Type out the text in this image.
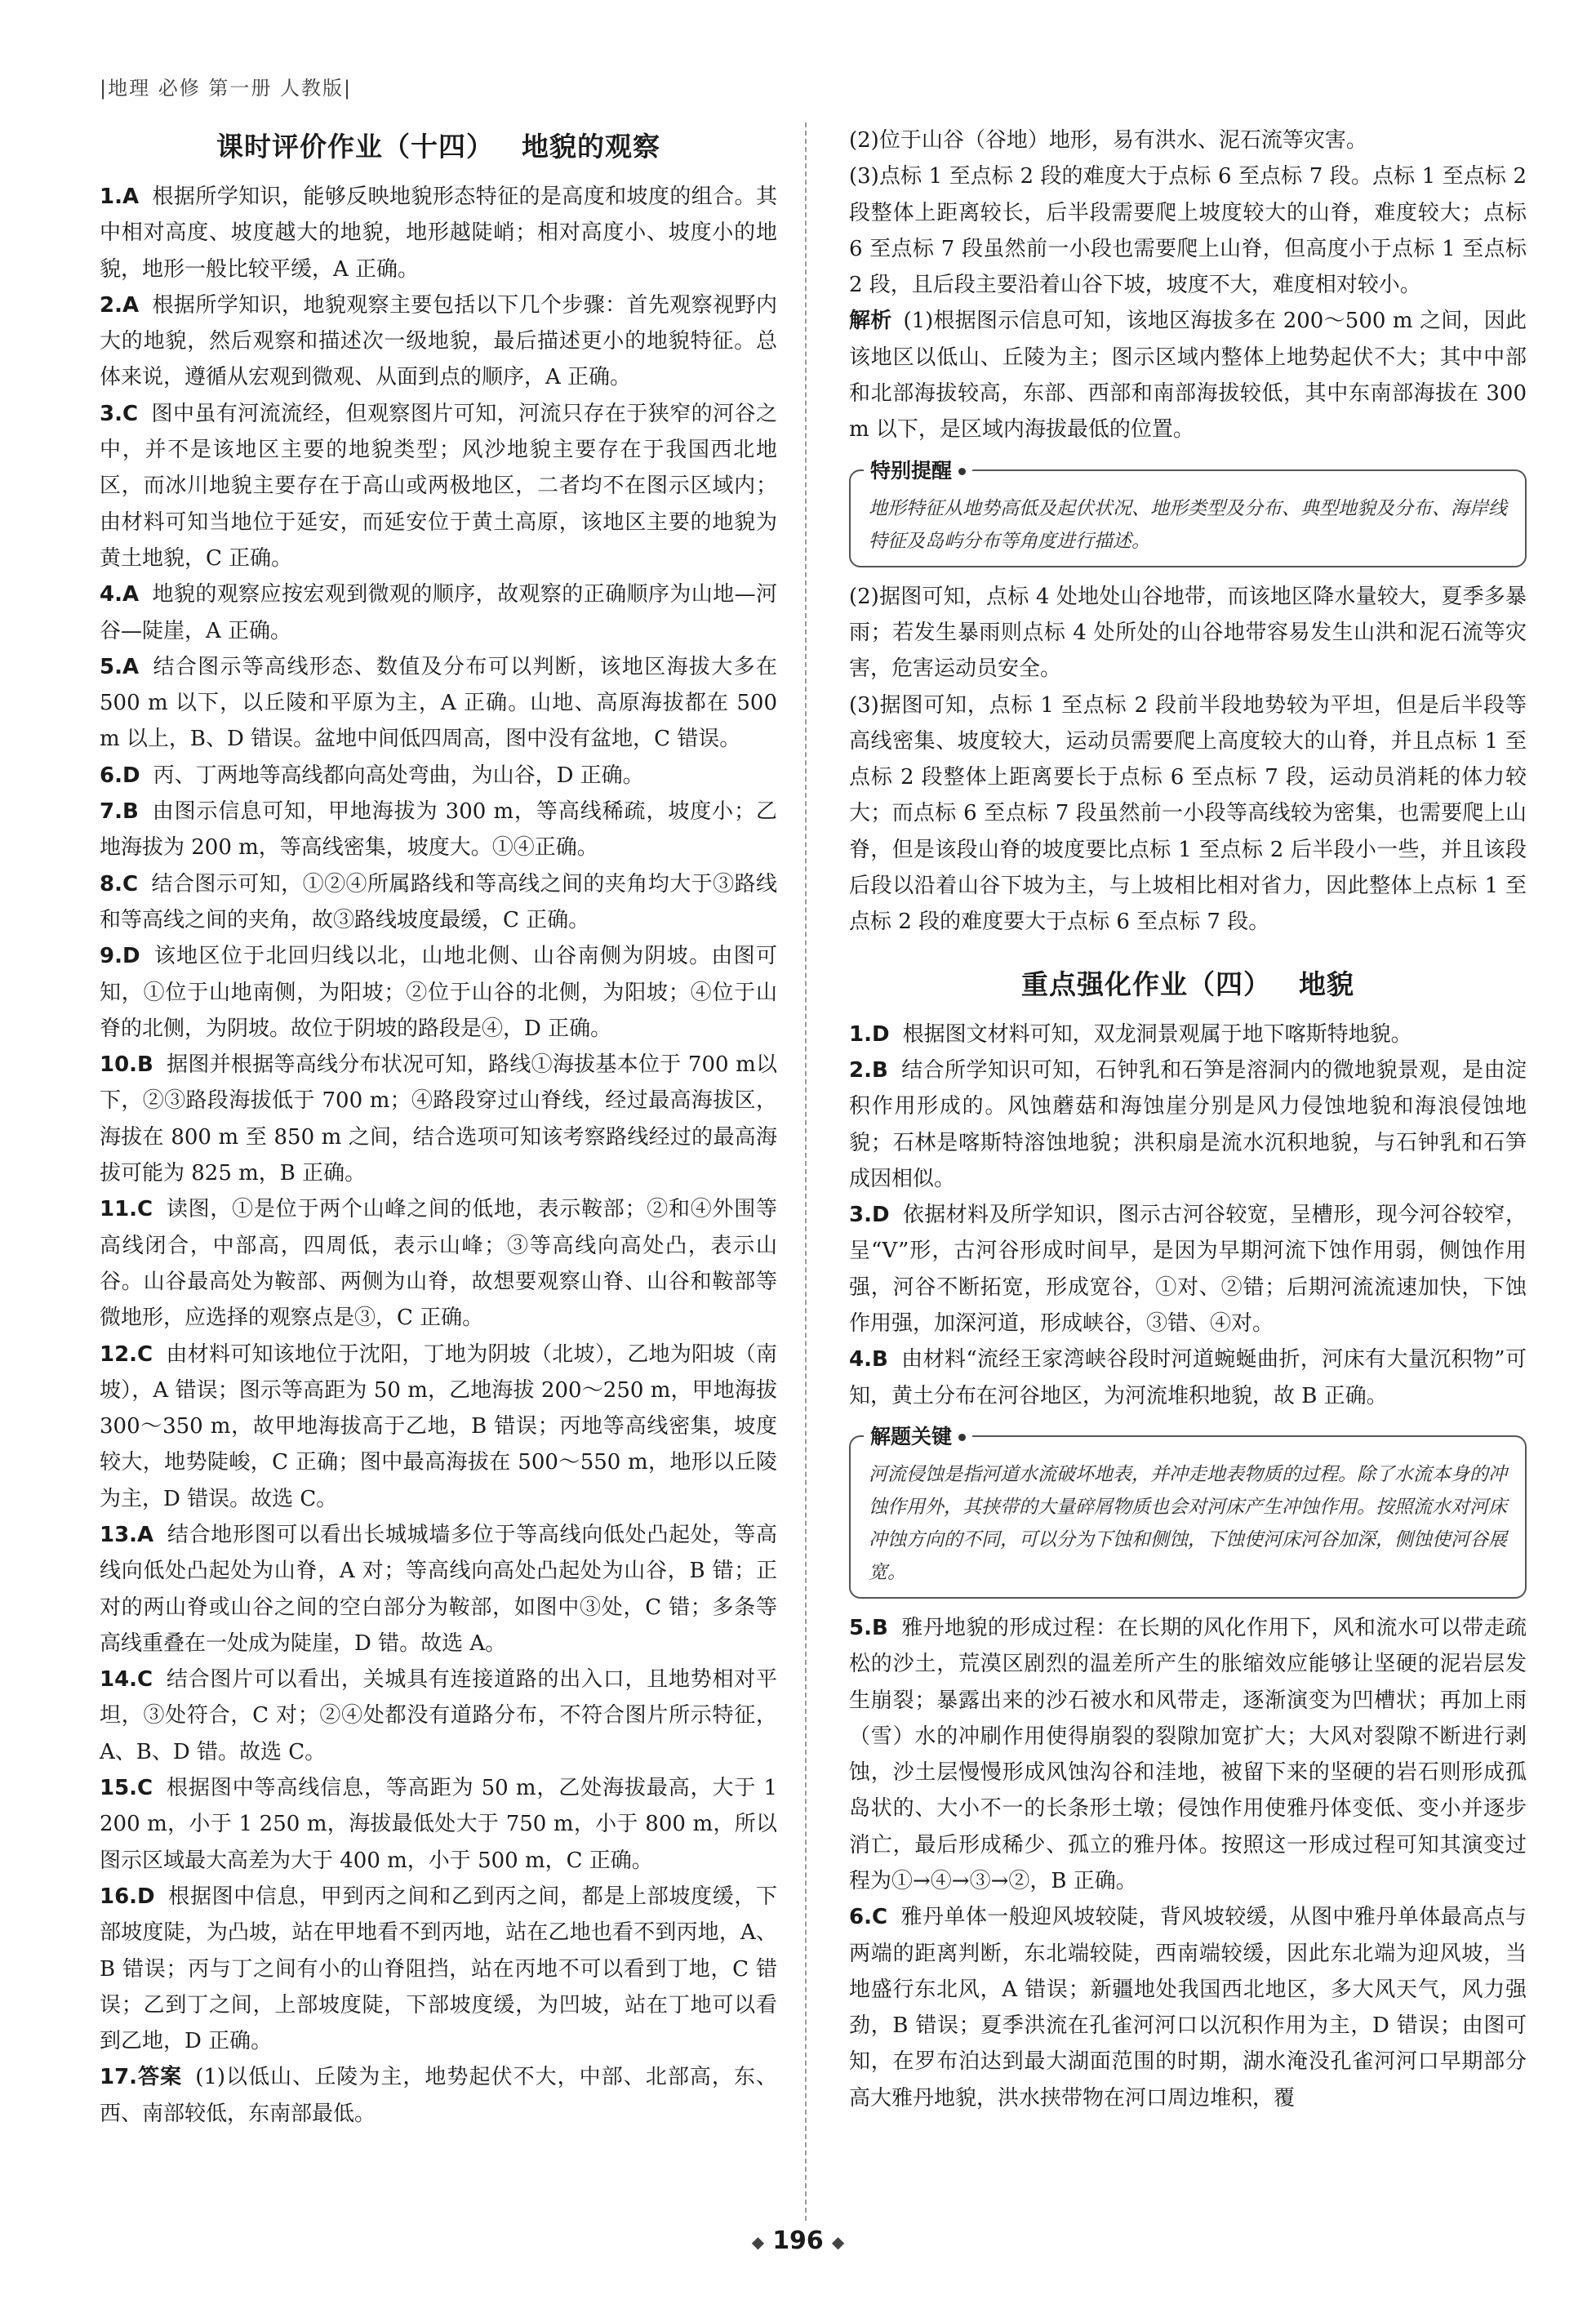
|地理 必修 第一册 人教版|
课时评价作业（十四） 地貌的观察
1.A 根据所学知识，能够反映地貌形态特征的是高度和坡度的组合。其中相对高度、坡度越大的地貌，地形越陡峭；相对高度小、坡度小的地貌，地形一般比较平缓，A 正确。
2.A 根据所学知识，地貌观察主要包括以下几个步骤：首先观察视野内大的地貌，然后观察和描述次一级地貌，最后描述更小的地貌特征。总体来说，遵循从宏观到微观、从面到点的顺序，A 正确。
3.C 图中虽有河流流经，但观察图片可知，河流只存在于狭窄的河谷之中，并不是该地区主要的地貌类型；风沙地貌主要存在于我国西北地区，而冰川地貌主要存在于高山或两极地区，二者均不在图示区域内；由材料可知当地位于延安，而延安位于黄土高原，该地区主要的地貌为黄土地貌，C 正确。
4.A 地貌的观察应按宏观到微观的顺序，故观察的正确顺序为山地—河谷—陡崖，A 正确。
5.A 结合图示等高线形态、数值及分布可以判断，该地区海拔大多在 500 m 以下，以丘陵和平原为主，A 正确。山地、高原海拔都在 500 m 以上，B、D 错误。盆地中间低四周高，图中没有盆地，C 错误。
6.D 丙、丁两地等高线都向高处弯曲，为山谷，D 正确。
7.B 由图示信息可知，甲地海拔为 300 m，等高线稀疏，坡度小；乙地海拔为 200 m，等高线密集，坡度大。①④正确。
8.C 结合图示可知，①②④所属路线和等高线之间的夹角均大于③路线和等高线之间的夹角，故③路线坡度最缓，C 正确。
9.D 该地区位于北回归线以北，山地北侧、山谷南侧为阴坡。由图可知，①位于山地南侧，为阳坡；②位于山谷的北侧，为阳坡；④位于山脊的北侧，为阴坡。故位于阴坡的路段是④，D 正确。
10.B 据图并根据等高线分布状况可知，路线①海拔基本位于 700 m以下，②③路段海拔低于 700 m；④路段穿过山脊线，经过最高海拔区，海拔在 800 m 至 850 m 之间，结合选项可知该考察路线经过的最高海拔可能为 825 m，B 正确。
11.C 读图，①是位于两个山峰之间的低地，表示鞍部；②和④外围等高线闭合，中部高，四周低，表示山峰；③等高线向高处凸，表示山谷。山谷最高处为鞍部、两侧为山脊，故想要观察山脊、山谷和鞍部等微地形，应选择的观察点是③，C 正确。
12.C 由材料可知该地位于沈阳，丁地为阴坡（北坡），乙地为阳坡（南坡），A 错误；图示等高距为 50 m，乙地海拔 200～250 m，甲地海拔 300～350 m，故甲地海拔高于乙地，B 错误；丙地等高线密集，坡度较大，地势陡峻，C 正确；图中最高海拔在 500～550 m，地形以丘陵为主，D 错误。故选 C。
13.A 结合地形图可以看出长城城墙多位于等高线向低处凸起处，等高线向低处凸起处为山脊，A 对；等高线向高处凸起处为山谷，B 错；正对的两山脊或山谷之间的空白部分为鞍部，如图中③处，C 错；多条等高线重叠在一处成为陡崖，D 错。故选 A。
14.C 结合图片可以看出，关城具有连接道路的出入口，且地势相对平坦，③处符合，C 对；②④处都没有道路分布，不符合图片所示特征，A、B、D 错。故选 C。
15.C 根据图中等高线信息，等高距为 50 m，乙处海拔最高，大于 1 200 m，小于 1 250 m，海拔最低处大于 750 m，小于 800 m，所以图示区域最大高差为大于 400 m，小于 500 m，C 正确。
16.D 根据图中信息，甲到丙之间和乙到丙之间，都是上部坡度缓，下部坡度陡，为凸坡，站在甲地看不到丙地，站在乙地也看不到丙地，A、B 错误；丙与丁之间有小的山脊阻挡，站在丙地不可以看到丁地，C 错误；乙到丁之间，上部坡度陡，下部坡度缓，为凹坡，站在丁地可以看到乙地，D 正确。
17.答案 (1)以低山、丘陵为主，地势起伏不大，中部、北部高，东、西、南部较低，东南部最低。
(2)位于山谷（谷地）地形，易有洪水、泥石流等灾害。
(3)点标 1 至点标 2 段的难度大于点标 6 至点标 7 段。点标 1 至点标 2 段整体上距离较长，后半段需要爬上坡度较大的山脊，难度较大；点标 6 至点标 7 段虽然前一小段也需要爬上山脊，但高度小于点标 1 至点标 2 段，且后段主要沿着山谷下坡，坡度不大，难度相对较小。
解析 (1)根据图示信息可知，该地区海拔多在 200～500 m 之间，因此该地区以低山、丘陵为主；图示区域内整体上地势起伏不大；其中中部和北部海拔较高，东部、西部和南部海拔较低，其中东南部海拔在 300 m 以下，是区域内海拔最低的位置。
特别提醒
地形特征从地势高低及起伏状况、地形类型及分布、典型地貌及分布、海岸线特征及岛屿分布等角度进行描述。
(2)据图可知，点标 4 处地处山谷地带，而该地区降水量较大，夏季多暴雨；若发生暴雨则点标 4 处所处的山谷地带容易发生山洪和泥石流等灾害，危害运动员安全。
(3)据图可知，点标 1 至点标 2 段前半段地势较为平坦，但是后半段等高线密集、坡度较大，运动员需要爬上高度较大的山脊，并且点标 1 至点标 2 段整体上距离要长于点标 6 至点标 7 段，运动员消耗的体力较大；而点标 6 至点标 7 段虽然前一小段等高线较为密集，也需要爬上山脊，但是该段山脊的坡度要比点标 1 至点标 2 后半段小一些，并且该段后段以沿着山谷下坡为主，与上坡相比相对省力，因此整体上点标 1 至点标 2 段的难度要大于点标 6 至点标 7 段。
重点强化作业（四） 地貌
1.D 根据图文材料可知，双龙洞景观属于地下喀斯特地貌。
2.B 结合所学知识可知，石钟乳和石笋是溶洞内的微地貌景观，是由淀积作用形成的。风蚀蘑菇和海蚀崖分别是风力侵蚀地貌和海浪侵蚀地貌；石林是喀斯特溶蚀地貌；洪积扇是流水沉积地貌，与石钟乳和石笋成因相似。
3.D 依据材料及所学知识，图示古河谷较宽，呈槽形，现今河谷较窄，呈“V”形，古河谷形成时间早，是因为早期河流下蚀作用弱，侧蚀作用强，河谷不断拓宽，形成宽谷，①对、②错；后期河流流速加快，下蚀作用强，加深河道，形成峡谷，③错、④对。
4.B 由材料“流经王家湾峡谷段时河道蜿蜒曲折，河床有大量沉积物”可知，黄土分布在河谷地区，为河流堆积地貌，故 B 正确。
解题关键
河流侵蚀是指河道水流破坏地表，并冲走地表物质的过程。除了水流本身的冲蚀作用外，其挟带的大量碎屑物质也会对河床产生冲蚀作用。按照流水对河床冲蚀方向的不同，可以分为下蚀和侧蚀，下蚀使河床河谷加深，侧蚀使河谷展宽。
5.B 雅丹地貌的形成过程：在长期的风化作用下，风和流水可以带走疏松的沙土，荒漠区剧烈的温差所产生的胀缩效应能够让坚硬的泥岩层发生崩裂；暴露出来的沙石被水和风带走，逐渐演变为凹槽状；再加上雨（雪）水的冲刷作用使得崩裂的裂隙加宽扩大；大风对裂隙不断进行剥蚀，沙土层慢慢形成风蚀沟谷和洼地，被留下来的坚硬的岩石则形成孤岛状的、大小不一的长条形土墩；侵蚀作用使雅丹体变低、变小并逐步消亡，最后形成稀少、孤立的雅丹体。按照这一形成过程可知其演变过程为①→④→③→②，B 正确。
6.C 雅丹单体一般迎风坡较陡，背风坡较缓，从图中雅丹单体最高点与两端的距离判断，东北端较陡，西南端较缓，因此东北端为迎风坡，当地盛行东北风，A 错误；新疆地处我国西北地区，多大风天气，风力强劲，B 错误；夏季洪流在孔雀河河口以沉积作用为主，D 错误；由图可知，在罗布泊达到最大湖面范围的时期，湖水淹没孔雀河河口早期部分高大雅丹地貌，洪水挟带物在河口周边堆积，覆
◆ 196 ◆
